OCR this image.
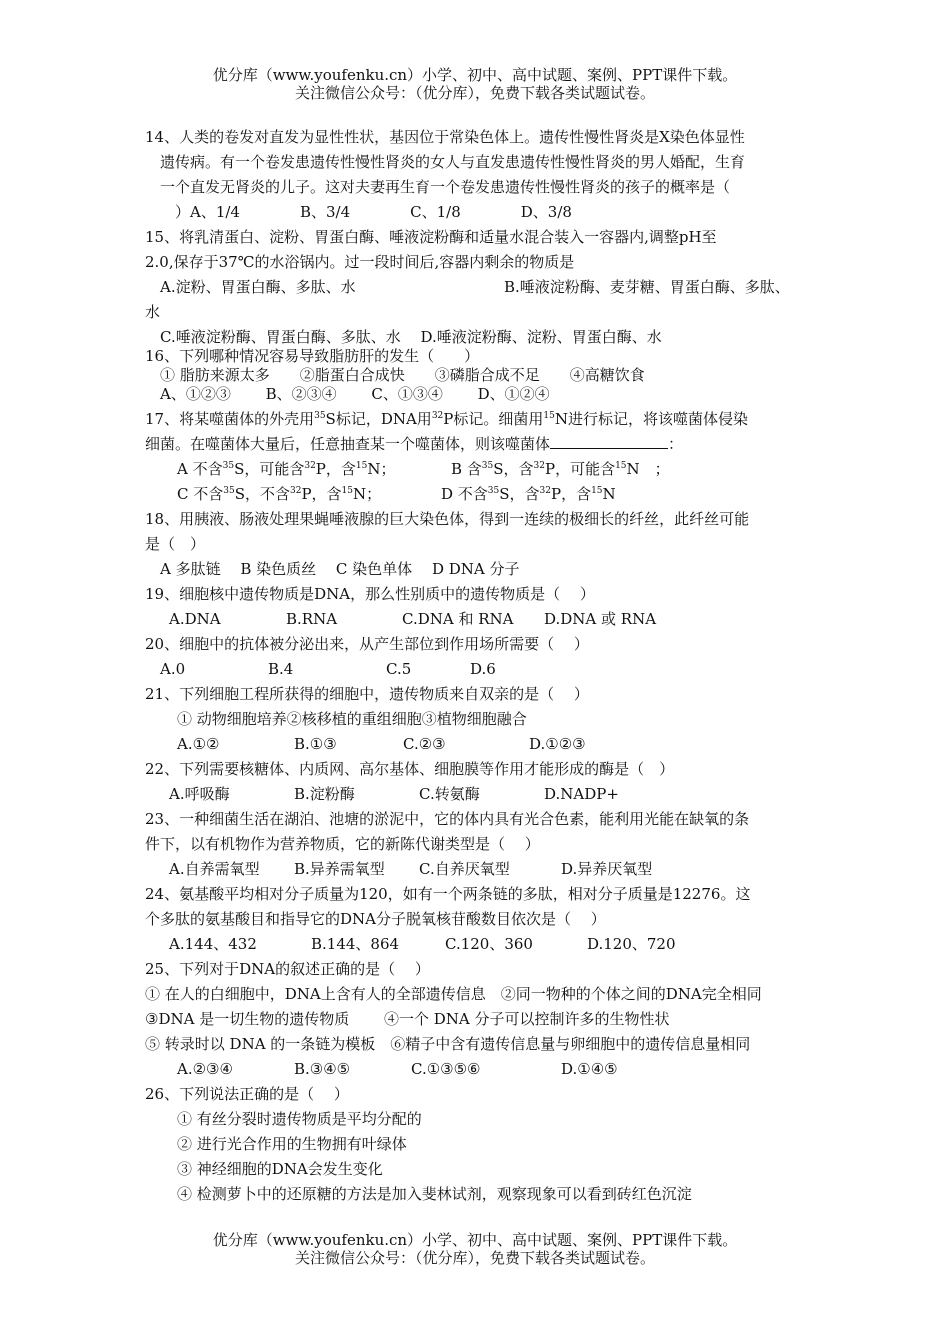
优分库（www.youfenku.cn）小学、初中、高中试题、案例、PPT课件下载。
关注微信公众号：（优分库），免费下载各类试题试卷。
14、人类的卷发对直发为显性性状，基因位于常染色体上。遗传性慢性肾炎是X染色体显性
遗传病。有一个卷发患遗传性慢性肾炎的女人与直发患遗传性慢性肾炎的男人婚配，生育
一个直发无肾炎的儿子。这对夫妻再生育一个卷发患遗传性慢性肾炎的孩子的概率是（
）A、1/4　　　　B、3/4　　　　C、1/8　　　　D、3/8
15、将乳清蛋白、淀粉、胃蛋白酶、唾液淀粉酶和适量水混合装入一容器内,调整pH至
2.0,保存于37℃的水浴锅内。过一段时间后,容器内剩余的物质是
A.淀粉、胃蛋白酶、多肽、水	B.唾液淀粉酶、麦芽糖、胃蛋白酶、多肽、
水
C.唾液淀粉酶、胃蛋白酶、多肽、水　 D.唾液淀粉酶、淀粉、胃蛋白酶、水
16、下列哪种情况容易导致脂肪肝的发生（　　）
① 脂肪来源太多　　②脂蛋白合成快　　③磷脂合成不足　　④高糖饮食
A、①②③　　 B、②③④　　 C、①③④　　 D、①②④
17、将某噬菌体的外壳用$^{35}$S标记，DNA用$^{32}$P标记。细菌用$^{15}$N进行标记，将该噬菌体侵染
细菌。在噬菌体大量后，任意抽查某一个噬菌体，则该噬菌体	：
A 不含$^{35}$S，可能含$^{32}$P，含$^{15}$N；	B 含$^{35}$S，含$^{32}$P，可能含$^{15}$N　；
C 不含$^{35}$S，不含$^{32}$P，含$^{15}$N；	D 不含$^{35}$S，含$^{32}$P，含$^{15}$N
18、用胰液、肠液处理果蝇唾液腺的巨大染色体，得到一连续的极细长的纤丝，此纤丝可能
是（　）
A 多肽链　 B 染色质丝　 C 染色单体　 D DNA 分子
19、细胞核中遗传物质是DNA，那么性别质中的遗传物质是（　 ）
A.DNA	B.RNA	C.DNA 和 RNA D.DNA 或 RNA
20、细胞中的抗体被分泌出来，从产生部位到作用场所需要（　 ）
A.0	B.4	C.5	D.6
21、下列细胞工程所获得的细胞中，遗传物质来自双亲的是（　 ）
① 动物细胞培养②核移植的重组细胞③植物细胞融合
A.①②	B.①③	C.②③	D.①②③
22、下列需要核糖体、内质网、高尔基体、细胞膜等作用才能形成的酶是（　）
A.呼吸酶	B.淀粉酶	C.转氨酶	D.NADP+
23、一种细菌生活在湖泊、池塘的淤泥中，它的体内具有光合色素，能利用光能在缺氧的条
件下，以有机物作为营养物质，它的新陈代谢类型是（　 ）
A.自养需氧型 B.异养需氧型 C.自养厌氧型	D.异养厌氧型
24、氨基酸平均相对分子质量为120，如有一个两条链的多肽，相对分子质量是12276。这
个多肽的氨基酸目和指导它的DNA分子脱氧核苷酸数目依次是（　 ）
A.144、432	B.144、864	C.120、360	D.120、720
25、下列对于DNA的叙述正确的是（　 ）
① 在人的白细胞中，DNA上含有人的全部遗传信息　②同一物种的个体之间的DNA完全相同
③DNA 是一切生物的遗传物质　　 ④一个 DNA 分子可以控制许多的生物性状
⑤ 转录时以 DNA 的一条链为模板　⑥精子中含有遗传信息量与卵细胞中的遗传信息量相同
A.②③④	B.③④⑤	C.①③⑤⑥	D.①④⑤
26、下列说法正确的是（　 ）
① 有丝分裂时遗传物质是平均分配的
② 进行光合作用的生物拥有叶绿体
③ 神经细胞的DNA会发生变化
④ 检测萝卜中的还原糖的方法是加入斐林试剂，观察现象可以看到砖红色沉淀
优分库（www.youfenku.cn）小学、初中、高中试题、案例、PPT课件下载。
关注微信公众号：（优分库），免费下载各类试题试卷。
